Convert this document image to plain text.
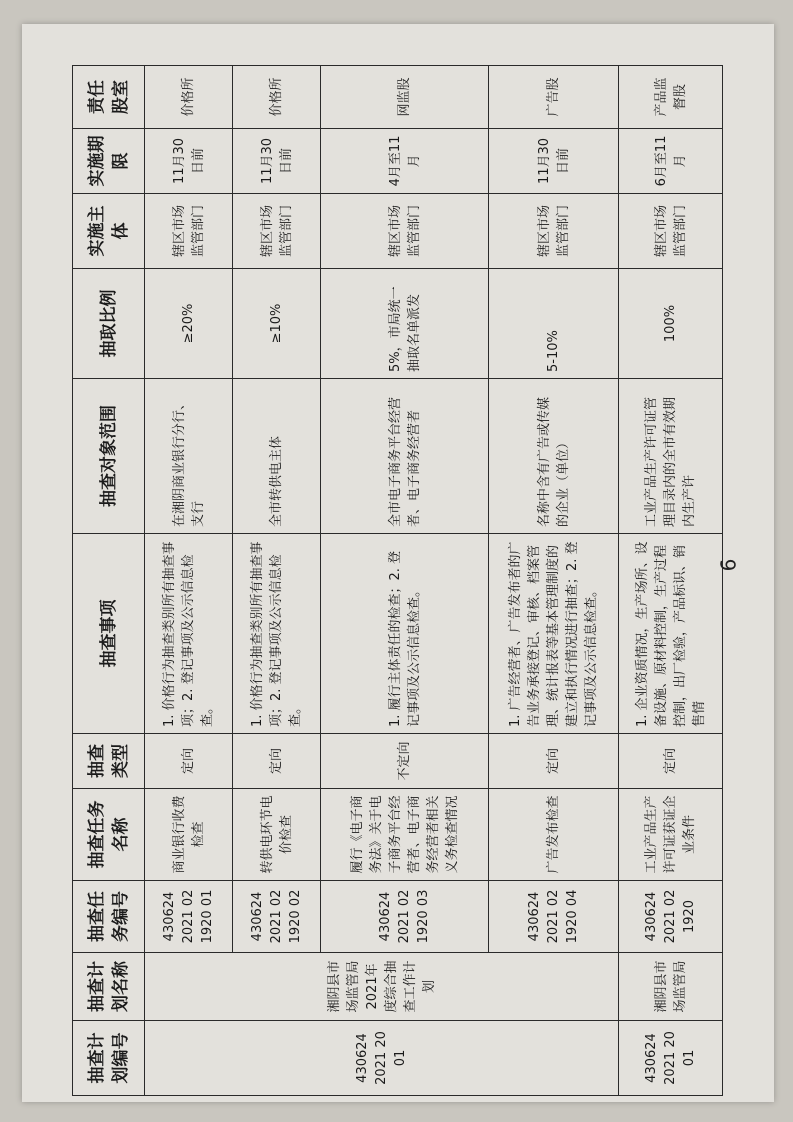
抽查计划编号	抽查计划名称	抽查任务编号	抽查任务名称	抽查类型	抽查事项	抽查对象范围	抽取比例	实施主体	实施期限	责任股室
430624 2021 2001	湘阴县市场监管局2021年度综合抽查工作计划	430624 2021 021920 01	商业银行收费检查	定向	1. 价格行为抽查类别所有抽查事项；2. 登记事项及公示信息检查。	在湘阴商业银行分行、支行	≥20%	辖区市场监管部门	11月30日前	价格所
		430624 2021 021920 02	转供电环节电价检查	定向	1. 价格行为抽查类别所有抽查事项；2. 登记事项及公示信息检查。	全市转供电主体	≥10%	辖区市场监管部门	11月30日前	价格所
		430624 2021 021920 03	履行《电子商务法》关于电子商务平台经营者、电子商务经营者相关义务检查情况	不定向	1. 履行主体责任的检查；2. 登记事项及公示信息检查。	全市电子商务平台经营者、电子商务经营者	5%，市局统一抽取名单派发	辖区市场监管部门	4月至11月	网监股
		430624 2021 021920 04	广告发布检查	定向	1. 广告经营者、广告发布者的广告业务承接登记、审核、档案管理、统计报表等基本管理制度的建立和执行情况进行抽查；2. 登记事项及公示信息检查。	名称中含有广告或传媒的企业（单位）	5-10%	辖区市场监管部门	11月30日前	广告股
430624 2021 2001	湘阴县市场监管局	430624 2021 021920	工业产品生产许可证获证企业条件	定向	1. 企业资质情况，生产场所、设备设施、原材料控制，生产过程控制，出厂检验，产品标识、销售情	工业产品生产许可证管理目录内的全市有效期内生产许	100%	辖区市场监管部门	6月至11月	产品监督股
6
